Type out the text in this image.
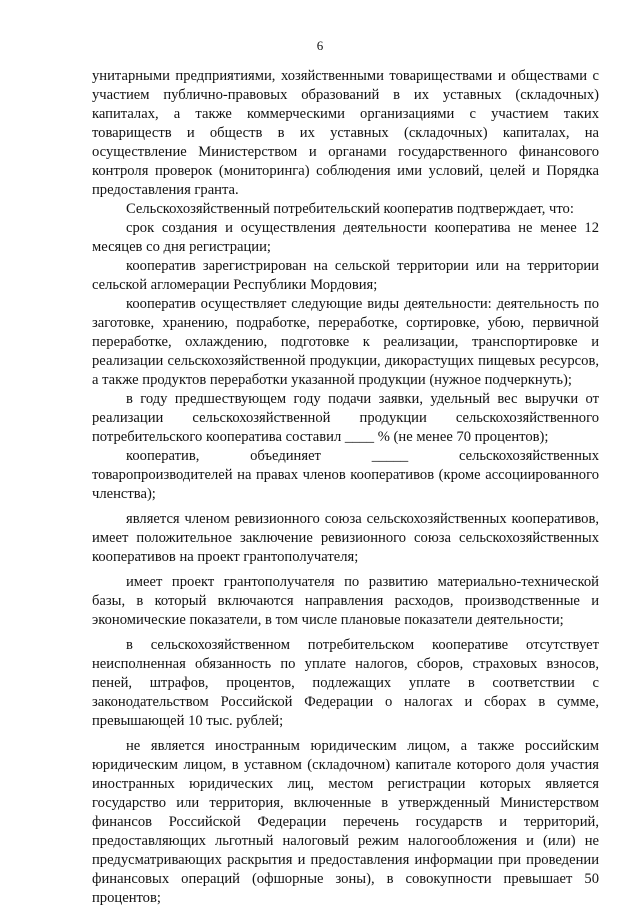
6

унитарными предприятиями, хозяйственными товариществами и обществами с участием публично-правовых образований в их уставных (складочных) капиталах, а также коммерческими организациями с участием таких товариществ и обществ в их уставных (складочных) капиталах, на осуществление Министерством и органами государственного финансового контроля проверок (мониторинга) соблюдения ими условий, целей и Порядка предоставления гранта.

Сельскохозяйственный потребительский кооператив подтверждает, что:

срок создания и осуществления деятельности кооператива не менее 12 месяцев со дня регистрации;

кооператив зарегистрирован на сельской территории или на территории сельской агломерации Республики Мордовия;

кооператив осуществляет следующие виды деятельности: деятельность по заготовке, хранению, подработке, переработке, сортировке, убою, первичной переработке, охлаждению, подготовке к реализации, транспортировке и реализации сельскохозяйственной продукции, дикорастущих пищевых ресурсов, а также продуктов переработки указанной продукции (нужное подчеркнуть);

в году предшествующем году подачи заявки, удельный вес выручки от реализации сельскохозяйственной продукции сельскохозяйственного потребительского кооператива составил ____ % (не менее 70 процентов);

кооператив, объединяет _____ сельскохозяйственных товаропроизводителей на правах членов кооперативов (кроме ассоциированного членства);

является членом ревизионного союза сельскохозяйственных кооперативов, имеет положительное заключение ревизионного союза сельскохозяйственных кооперативов на проект грантополучателя;

имеет проект грантополучателя по развитию материально-технической базы, в который включаются направления расходов, производственные и экономические показатели, в том числе плановые показатели деятельности;

в сельскохозяйственном потребительском кооперативе отсутствует неисполненная обязанность по уплате налогов, сборов, страховых взносов, пеней, штрафов, процентов, подлежащих уплате в соответствии с законодательством Российской Федерации о налогах и сборах в сумме, превышающей 10 тыс. рублей;

не является иностранным юридическим лицом, а также российским юридическим лицом, в уставном (складочном) капитале которого доля участия иностранных юридических лиц, местом регистрации которых является государство или территория, включенные в утвержденный Министерством финансов Российской Федерации перечень государств и территорий, предоставляющих льготный налоговый режим налогообложения и (или) не предусматривающих раскрытия и предоставления информации при проведении финансовых операций (офшорные зоны), в совокупности превышает 50 процентов;
